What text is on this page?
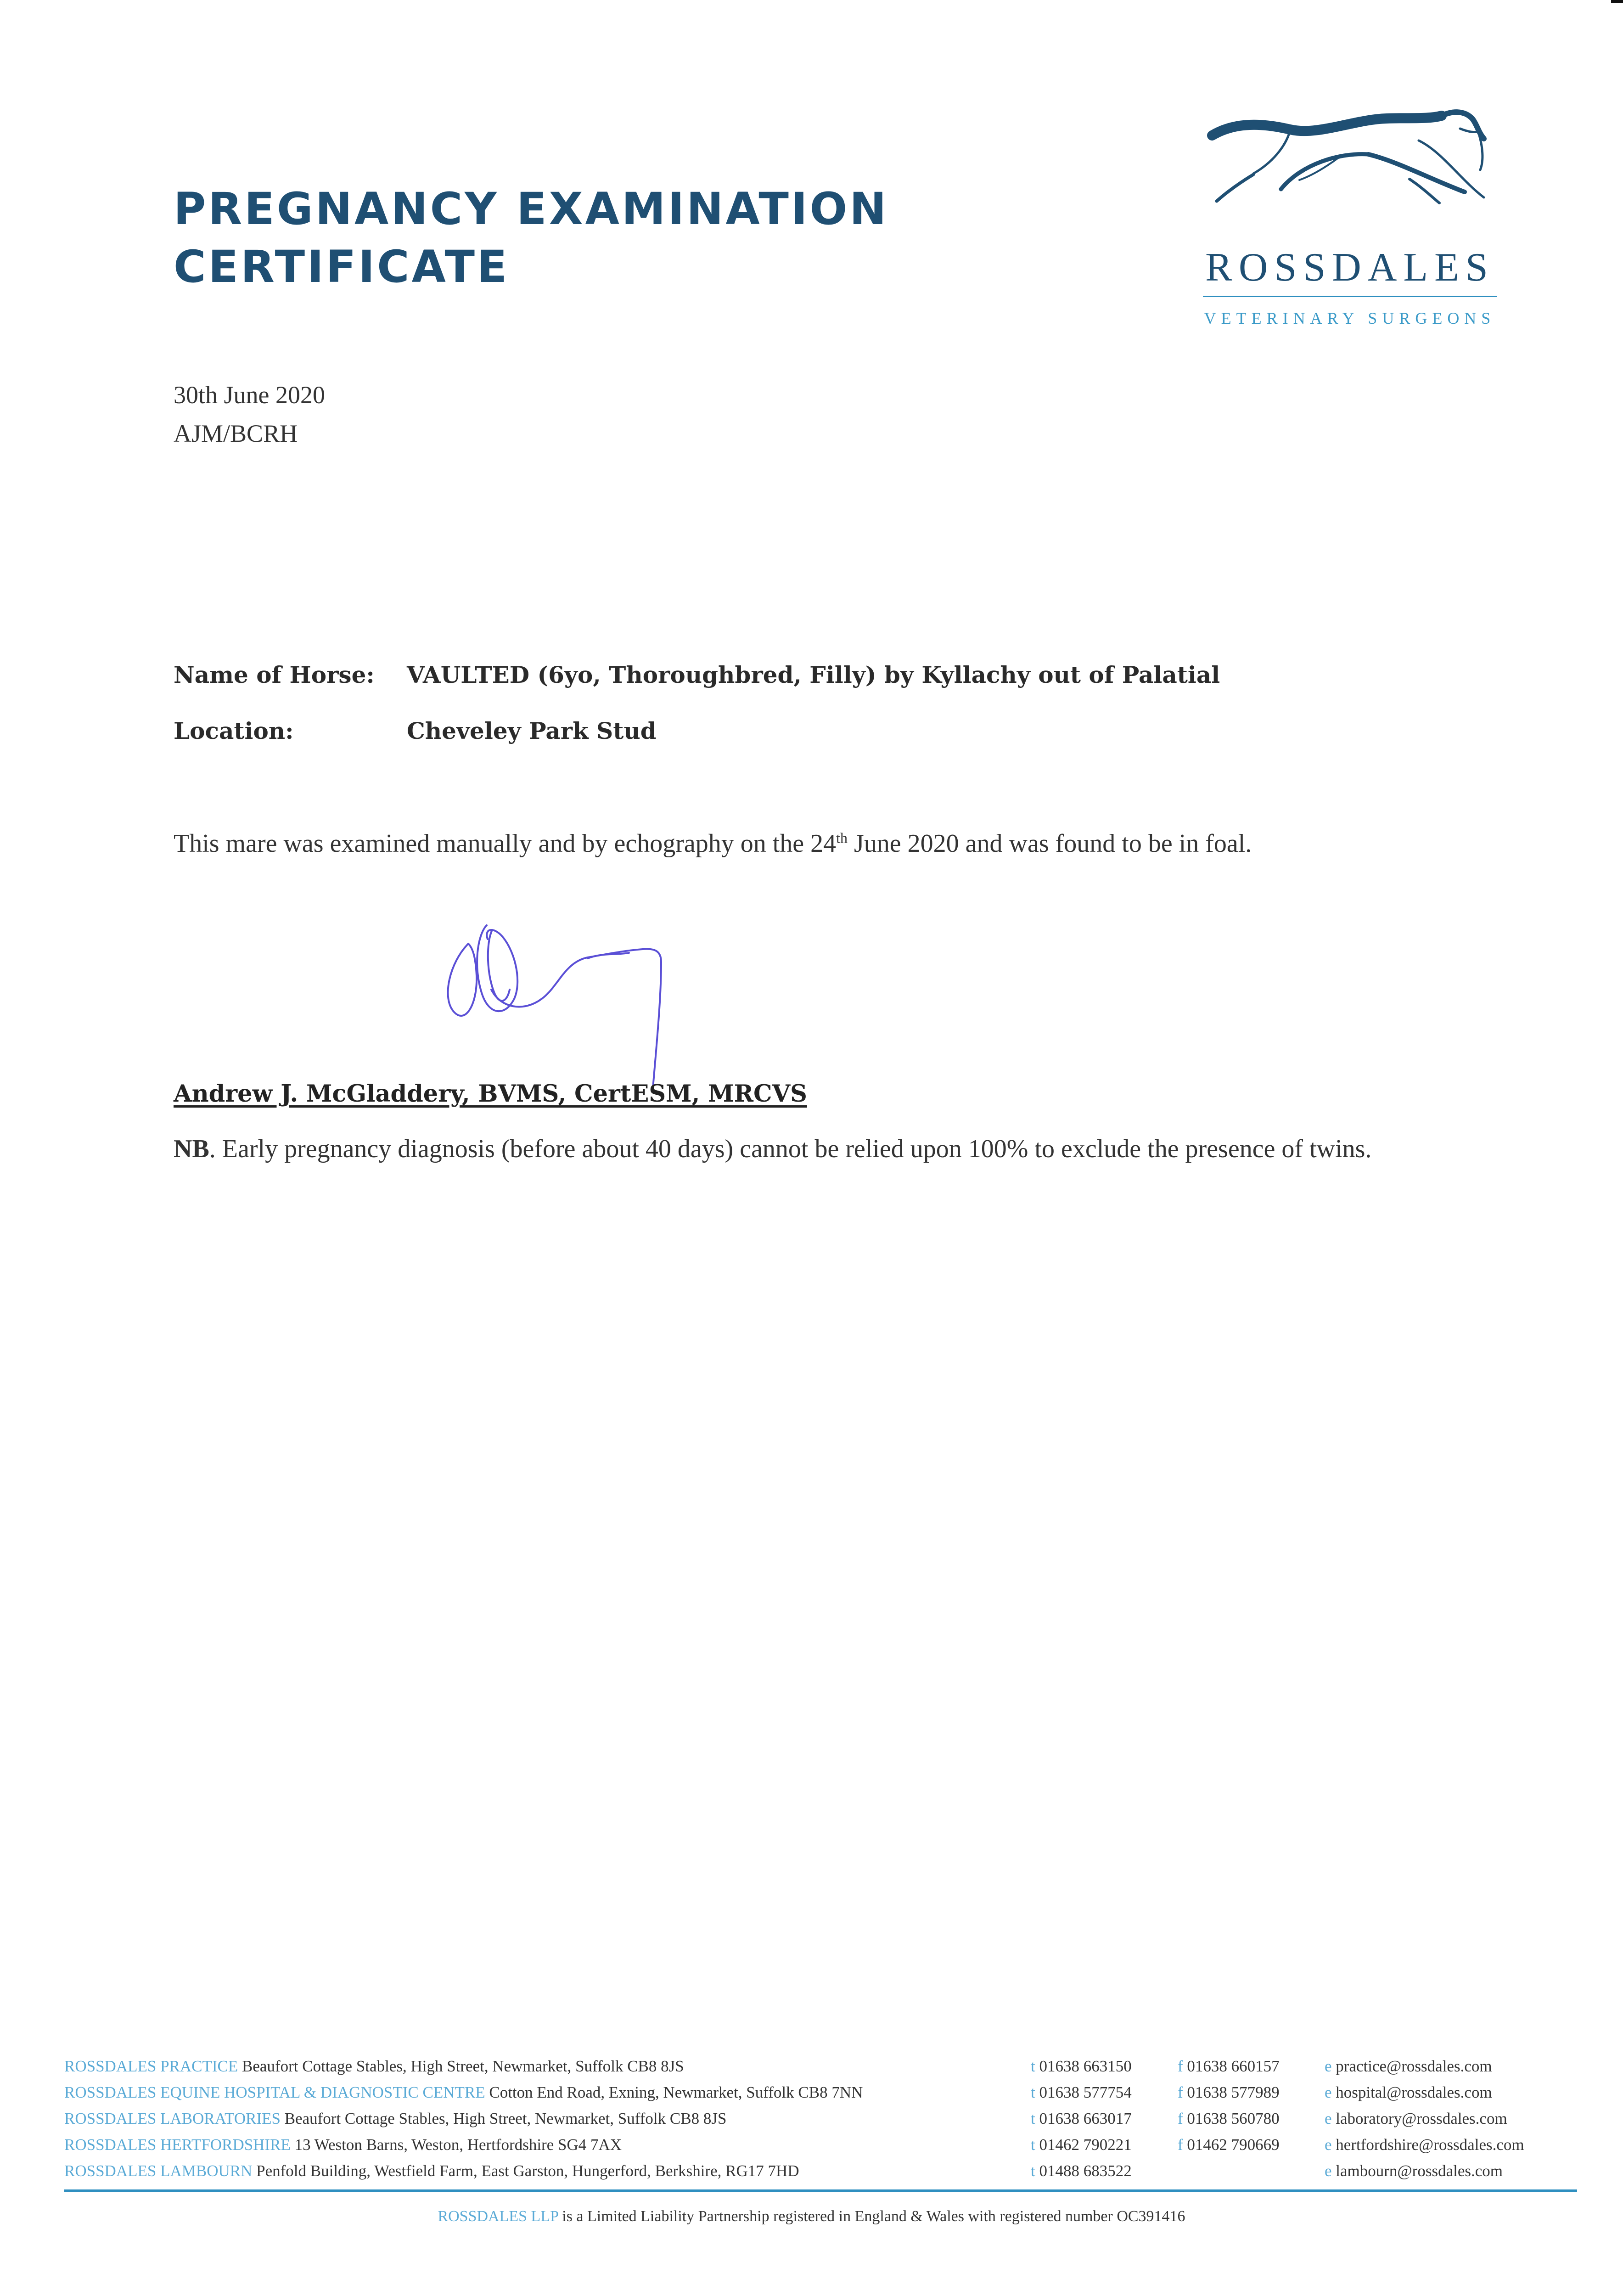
PREGNANCY EXAMINATION
CERTIFICATE	ROSSDALES
VETERINARY SURGEONS
30th June 2020
AJM/BCRH
Name of Horse: VAULTED (6yo, Thoroughbred, Filly) by Kyllachy out of Palatial
Location:	Cheveley Park Stud

This mare was examined manually and by echography on the 24th June 2020 and was found to be in foal.

Andrew J. McGladdery, BVMS, CertESM, MRCVS

NB. Early pregnancy diagnosis (before about 40 days) cannot be relied upon 100% to exclude the presence of twins.

ROSSDALES PRACTICE Beaufort Cottage Stables, High Street, Newmarket, Suffolk CB8 8JS	t 01638 663150	f 01638 660157	e practice@rossdales.com
ROSSDALES EQUINE HOSPITAL & DIAGNOSTIC CENTRE Cotton End Road, Exning, Newmarket, Suffolk CB8 7NN	t 01638 577754	f 01638 577989	e hospital@rossdales.com
ROSSDALES LABORATORIES Beaufort Cottage Stables, High Street, Newmarket, Suffolk CB8 8JS	t 01638 663017	f 01638 560780	e laboratory@rossdales.com
ROSSDALES HERTFORDSHIRE 13 Weston Barns, Weston, Hertfordshire SG4 7AX	t 01462 790221	f 01462 790669	e hertfordshire@rossdales.com
ROSSDALES LAMBOURN Penfold Building, Westfield Farm, East Garston, Hungerford, Berkshire, RG17 7HD	t 01488 683522	e lambourn@rossdales.com
ROSSDALES LLP is a Limited Liability Partnership registered in England & Wales with registered number OC391416
